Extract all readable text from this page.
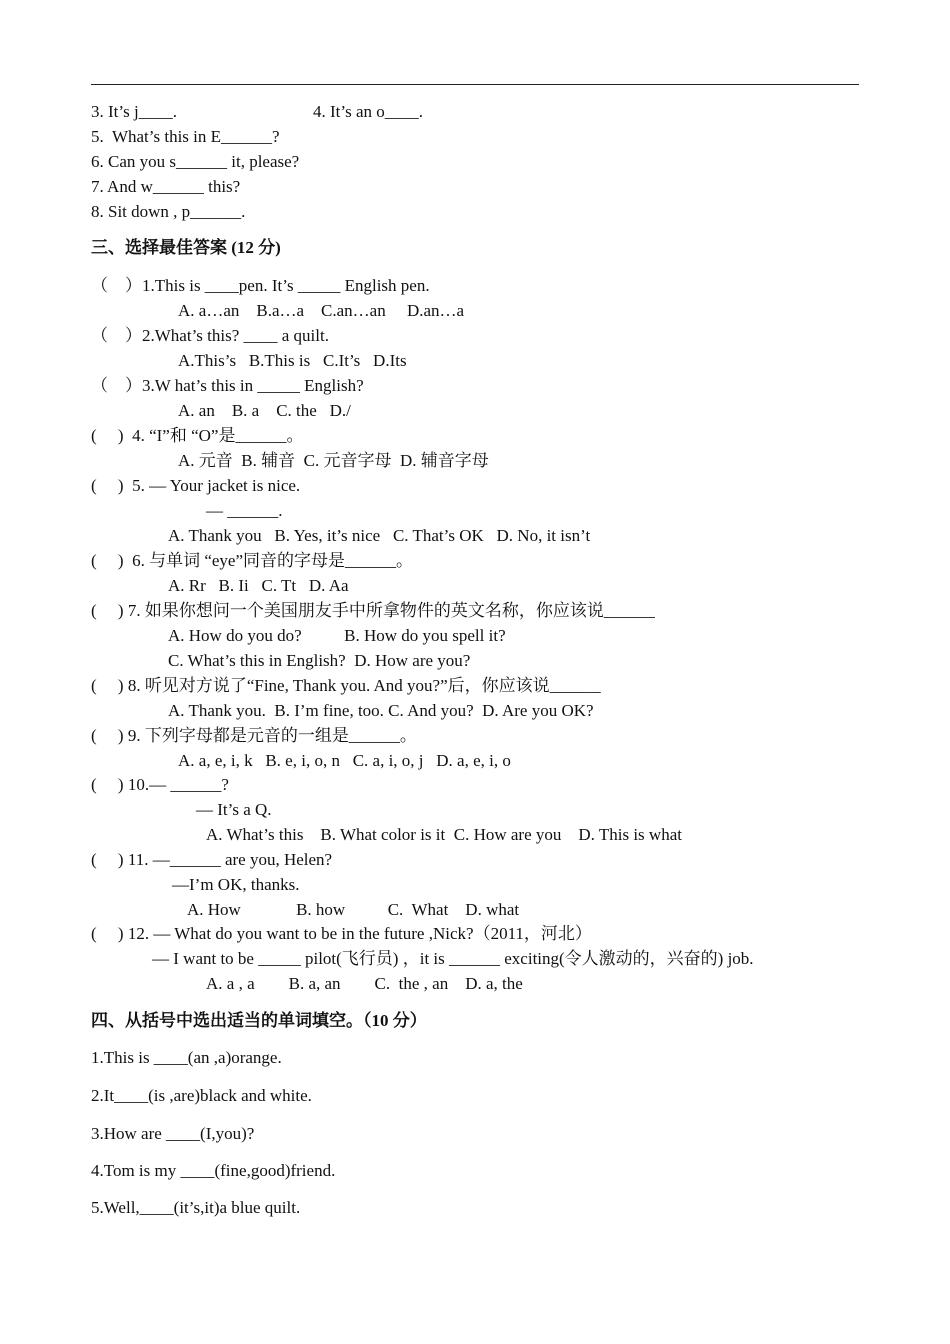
3. It’s j____.	4. It’s an o____.
5.  What’s this in E______?
6. Can you s______ it, please?
7. And w______ this?
8. Sit down , p______.
三、选择最佳答案 (12 分)
（    ）1.This is ____pen. It’s _____ English pen.
A. a…an    B.a…a    C.an…an     D.an…a
（    ）2.What’s this? ____ a quilt.
A.This’s   B.This is   C.It’s   D.Its
（    ）3.W hat’s this in _____ English?
A. an    B. a    C. the   D./
(     )  4. “I”和 “O”是______。
A. 元音  B. 辅音  C. 元音字母  D. 辅音字母
(     )  5. — Your jacket is nice.
— ______.
A. Thank you   B. Yes, it’s nice   C. That’s OK   D. No, it isn’t
(     )  6. 与单词 “eye”同音的字母是______。
A. Rr   B. Ii   C. Tt   D. Aa
(     ) 7. 如果你想问一个美国朋友手中所拿物件的英文名称，你应该说______
A. How do you do?          B. How do you spell it?
C. What’s this in English?  D. How are you?
(     ) 8. 听见对方说了“Fine, Thank you. And you?”后，你应该说______
A. Thank you.  B. I’m fine, too. C. And you?  D. Are you OK?
(     ) 9. 下列字母都是元音的一组是______。
A. a, e, i, k   B. e, i, o, n   C. a, i, o, j   D. a, e, i, o
(     ) 10.— ______?
— It’s a Q.
A. What’s this    B. What color is it  C. How are you    D. This is what
(     ) 11. —______ are you, Helen?
—I’m OK, thanks.
A. How             B. how          C.  What    D. what
(     ) 12. — What do you want to be in the future ,Nick?（2011，河北）
— I want to be _____ pilot(飞行员) ，it is ______ exciting(令人激动的，兴奋的) job.
A. a , a        B. a, an        C.  the , an    D. a, the
四、从括号中选出适当的单词填空。（10 分）
1.This is ____(an ,a)orange.
2.It____(is ,are)black and white.
3.How are ____(I,you)?
4.Tom is my ____(fine,good)friend.
5.Well,____(it’s,it)a blue quilt.
